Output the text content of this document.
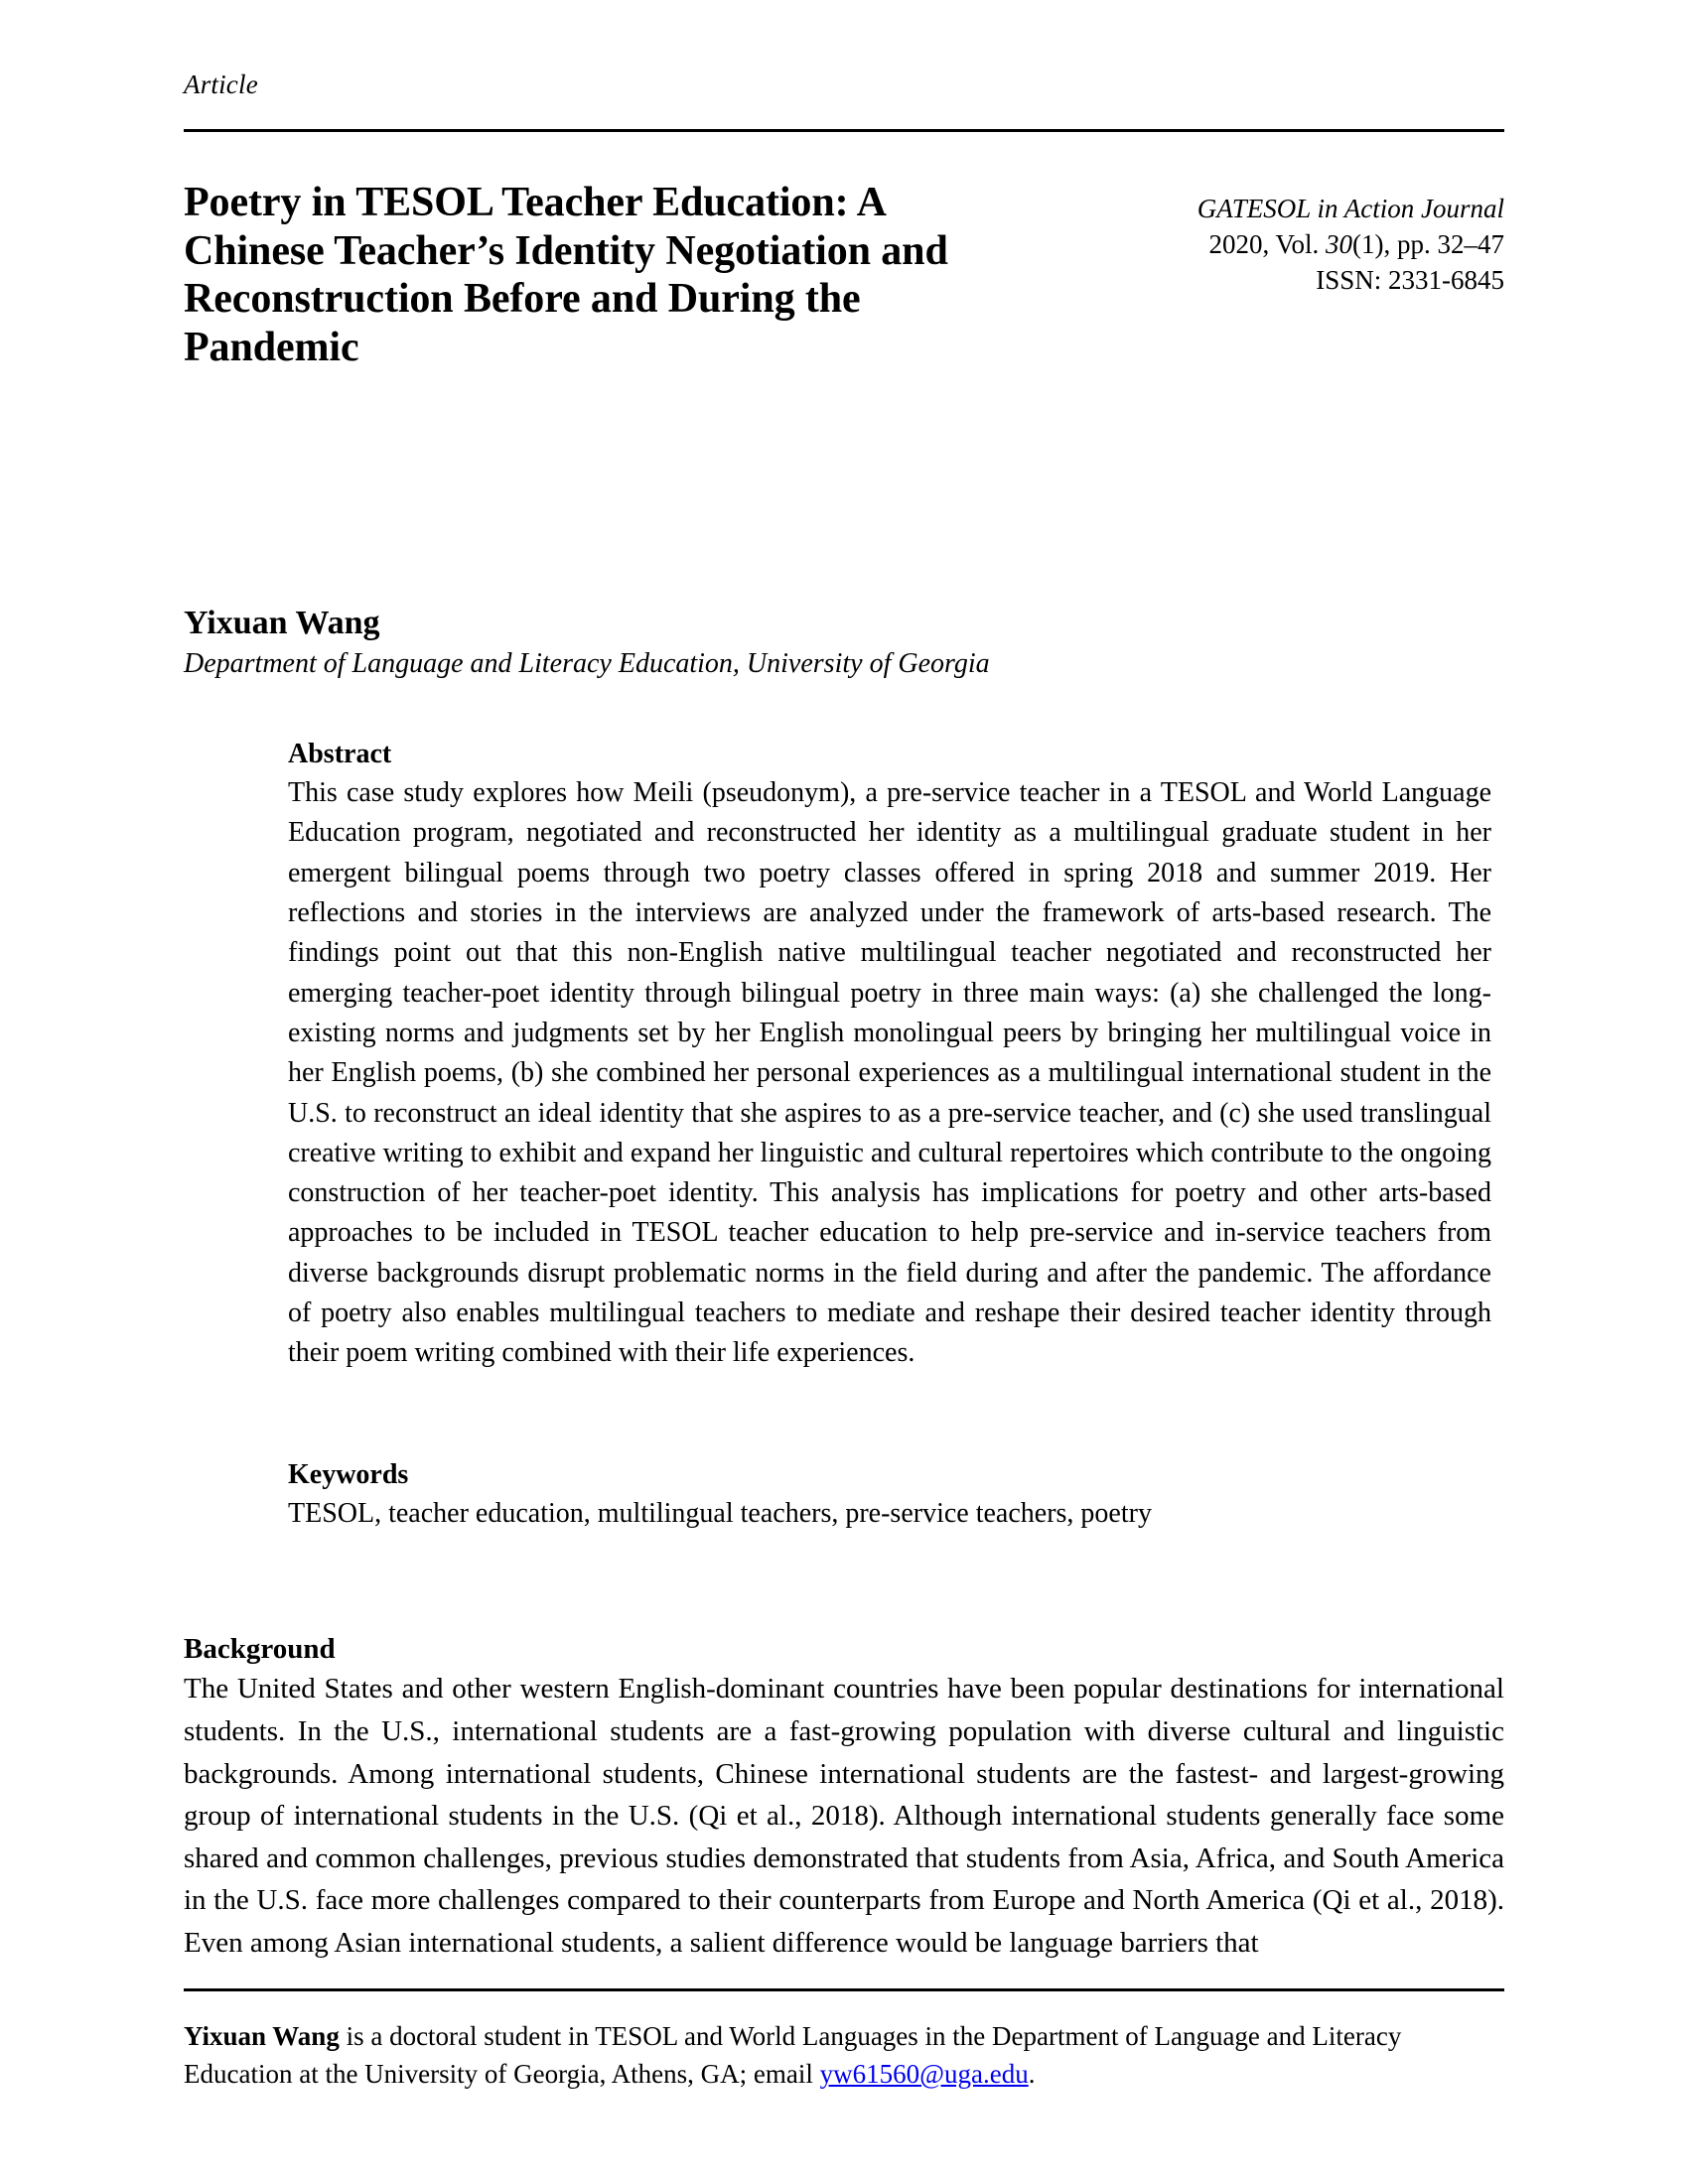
Article
Poetry in TESOL Teacher Education: A Chinese Teacher’s Identity Negotiation and Reconstruction Before and During the Pandemic
GATESOL in Action Journal
2020, Vol. 30(1), pp. 32–47
ISSN: 2331-6845

Yixuan Wang

Department of Language and Literacy Education, University of Georgia

Abstract

This case study explores how Meili (pseudonym), a pre-service teacher in a TESOL and World Language Education program, negotiated and reconstructed her identity as a multilingual graduate student in her emergent bilingual poems through two poetry classes offered in spring 2018 and summer 2019. Her reflections and stories in the interviews are analyzed under the framework of arts-based research. The findings point out that this non-English native multilingual teacher negotiated and reconstructed her emerging teacher-poet identity through bilingual poetry in three main ways: (a) she challenged the long-existing norms and judgments set by her English monolingual peers by bringing her multilingual voice in her English poems, (b) she combined her personal experiences as a multilingual international student in the U.S. to reconstruct an ideal identity that she aspires to as a pre-service teacher, and (c) she used translingual creative writing to exhibit and expand her linguistic and cultural repertoires which contribute to the ongoing construction of her teacher-poet identity. This analysis has implications for poetry and other arts-based approaches to be included in TESOL teacher education to help pre-service and in-service teachers from diverse backgrounds disrupt problematic norms in the field during and after the pandemic. The affordance of poetry also enables multilingual teachers to mediate and reshape their desired teacher identity through their poem writing combined with their life experiences.

Keywords

TESOL, teacher education, multilingual teachers, pre-service teachers, poetry

Background

The United States and other western English-dominant countries have been popular destinations for international students. In the U.S., international students are a fast-growing population with diverse cultural and linguistic backgrounds. Among international students, Chinese international students are the fastest- and largest-growing group of international students in the U.S. (Qi et al., 2018). Although international students generally face some shared and common challenges, previous studies demonstrated that students from Asia, Africa, and South America in the U.S. face more challenges compared to their counterparts from Europe and North America (Qi et al., 2018). Even among Asian international students, a salient difference would be language barriers that

Yixuan Wang is a doctoral student in TESOL and World Languages in the Department of Language and Literacy Education at the University of Georgia, Athens, GA; email yw61560@uga.edu.
